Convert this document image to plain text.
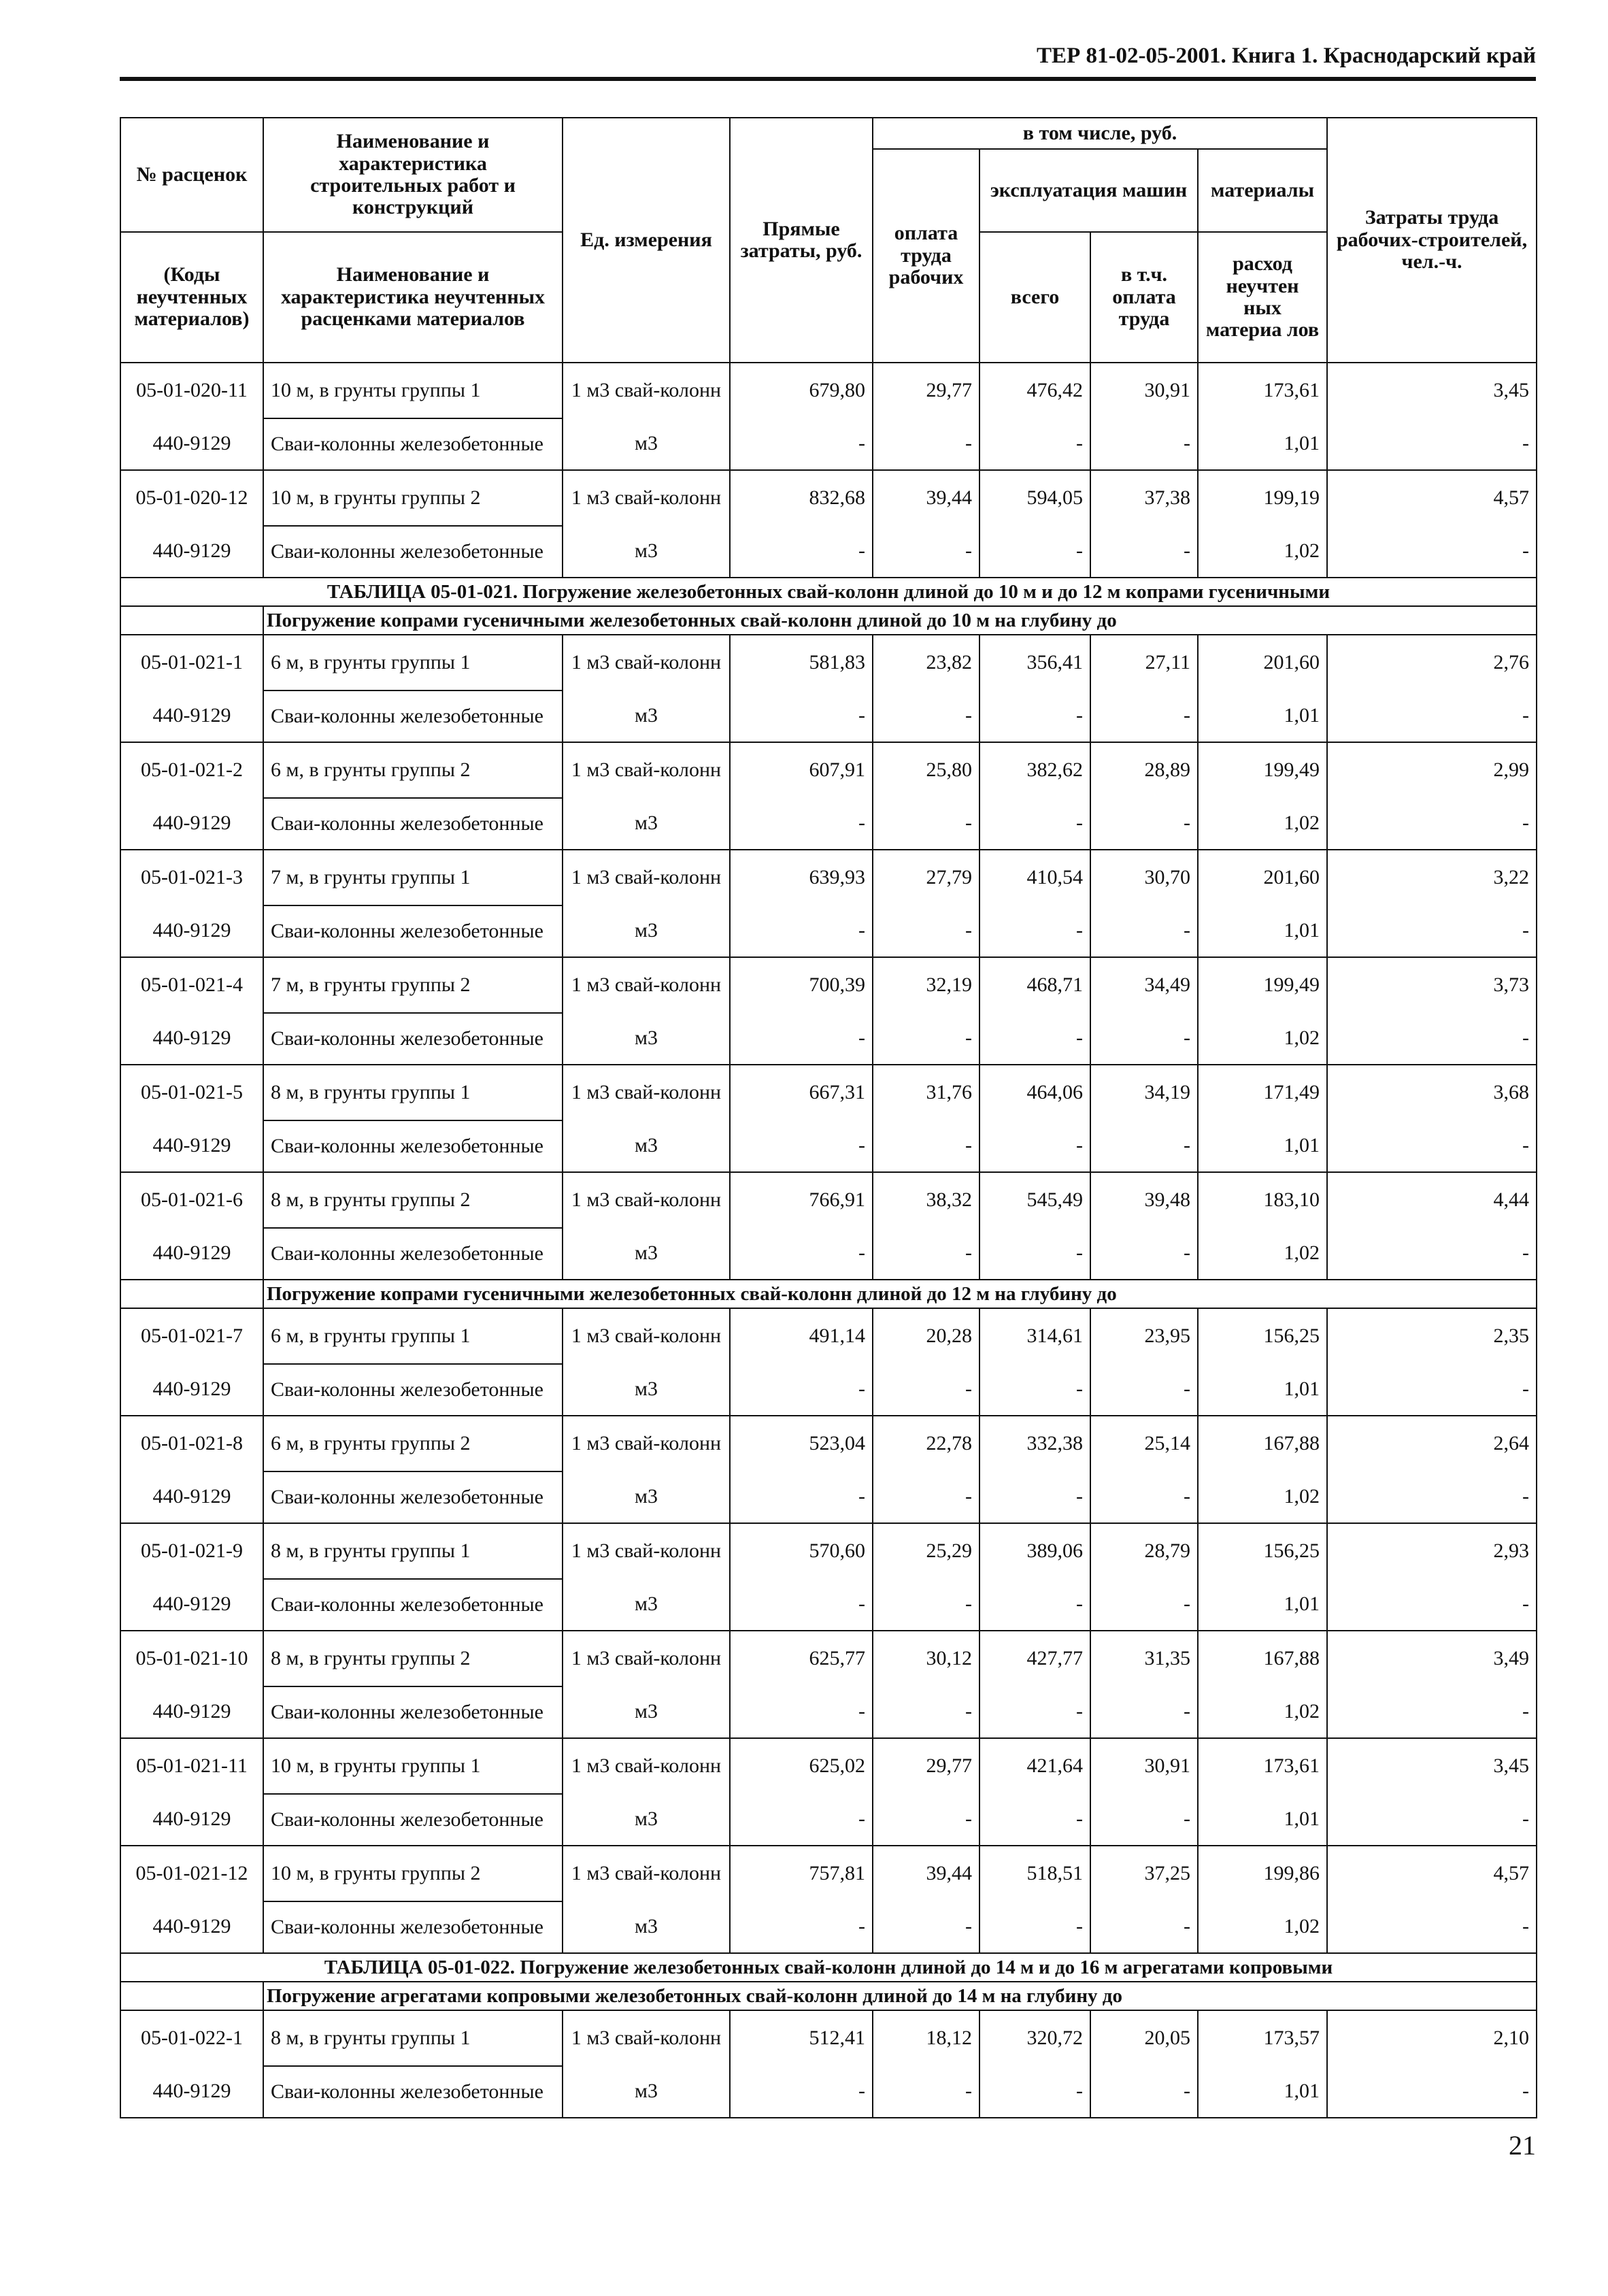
ТЕР 81-02-05-2001. Книга 1. Краснодарский край
№ расценок	Наименование и характеристика строительных работ и конструкций	Ед. измерения	Прямые затраты, руб.	в том числе, руб.				Затраты труда рабочих-строителей, чел.-ч.
				оплата труда рабочих	эксплуатация машин		материалы	
(Коды неучтенных материалов)	Наименование и характеристика неучтенных расценками материалов				всего	в т.ч. оплата труда	расход неучтен ных материа лов	
05-01-020-11	10 м, в грунты группы 1	1 м3 свай-колонн	679,80	29,77	476,42	30,91	173,61	3,45
440-9129	Сваи-колонны железобетонные	м3	-	-	-	-	1,01	-
05-01-020-12	10 м, в грунты группы 2	1 м3 свай-колонн	832,68	39,44	594,05	37,38	199,19	4,57
440-9129	Сваи-колонны железобетонные	м3	-	-	-	-	1,02	-
ТАБЛИЦА 05-01-021. Погружение железобетонных свай-колонн длиной до 10 м и до 12 м копрами гусеничными								
	Погружение копрами гусеничными железобетонных свай-колонн длиной до 10 м на глубину до							
05-01-021-1	6 м, в грунты группы 1	1 м3 свай-колонн	581,83	23,82	356,41	27,11	201,60	2,76
440-9129	Сваи-колонны железобетонные	м3	-	-	-	-	1,01	-
05-01-021-2	6 м, в грунты группы 2	1 м3 свай-колонн	607,91	25,80	382,62	28,89	199,49	2,99
440-9129	Сваи-колонны железобетонные	м3	-	-	-	-	1,02	-
05-01-021-3	7 м, в грунты группы 1	1 м3 свай-колонн	639,93	27,79	410,54	30,70	201,60	3,22
440-9129	Сваи-колонны железобетонные	м3	-	-	-	-	1,01	-
05-01-021-4	7 м, в грунты группы 2	1 м3 свай-колонн	700,39	32,19	468,71	34,49	199,49	3,73
440-9129	Сваи-колонны железобетонные	м3	-	-	-	-	1,02	-
05-01-021-5	8 м, в грунты группы 1	1 м3 свай-колонн	667,31	31,76	464,06	34,19	171,49	3,68
440-9129	Сваи-колонны железобетонные	м3	-	-	-	-	1,01	-
05-01-021-6	8 м, в грунты группы 2	1 м3 свай-колонн	766,91	38,32	545,49	39,48	183,10	4,44
440-9129	Сваи-колонны железобетонные	м3	-	-	-	-	1,02	-
	Погружение копрами гусеничными железобетонных свай-колонн длиной до 12 м на глубину до							
05-01-021-7	6 м, в грунты группы 1	1 м3 свай-колонн	491,14	20,28	314,61	23,95	156,25	2,35
440-9129	Сваи-колонны железобетонные	м3	-	-	-	-	1,01	-
05-01-021-8	6 м, в грунты группы 2	1 м3 свай-колонн	523,04	22,78	332,38	25,14	167,88	2,64
440-9129	Сваи-колонны железобетонные	м3	-	-	-	-	1,02	-
05-01-021-9	8 м, в грунты группы 1	1 м3 свай-колонн	570,60	25,29	389,06	28,79	156,25	2,93
440-9129	Сваи-колонны железобетонные	м3	-	-	-	-	1,01	-
05-01-021-10	8 м, в грунты группы 2	1 м3 свай-колонн	625,77	30,12	427,77	31,35	167,88	3,49
440-9129	Сваи-колонны железобетонные	м3	-	-	-	-	1,02	-
05-01-021-11	10 м, в грунты группы 1	1 м3 свай-колонн	625,02	29,77	421,64	30,91	173,61	3,45
440-9129	Сваи-колонны железобетонные	м3	-	-	-	-	1,01	-
05-01-021-12	10 м, в грунты группы 2	1 м3 свай-колонн	757,81	39,44	518,51	37,25	199,86	4,57
440-9129	Сваи-колонны железобетонные	м3	-	-	-	-	1,02	-
ТАБЛИЦА 05-01-022. Погружение железобетонных свай-колонн длиной до 14 м и до 16 м агрегатами копровыми								
	Погружение агрегатами копровыми железобетонных свай-колонн длиной до 14 м на глубину до							
05-01-022-1	8 м, в грунты группы 1	1 м3 свай-колонн	512,41	18,12	320,72	20,05	173,57	2,10
440-9129	Сваи-колонны железобетонные	м3	-	-	-	-	1,01	-
21
